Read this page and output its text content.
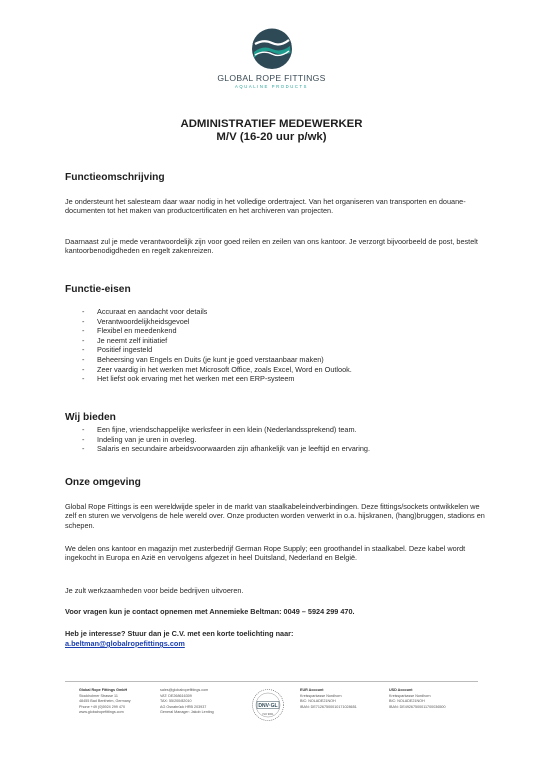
GLOBAL ROPE FITTINGS
AQUALINE PRODUCTS
ADMINISTRATIEF MEDEWERKER
M/V (16-20 uur p/wk)
Functieomschrijving

Je ondersteunt het salesteam daar waar nodig in het volledige ordertraject. Van het organiseren van transporten en douane-documenten tot het maken van productcertificaten en het archiveren van projecten.

Daarnaast zul je mede verantwoordelijk zijn voor goed reilen en zeilen van ons kantoor. Je verzorgt bijvoorbeeld de post, bestelt kantoorbenodigdheden en regelt zakenreizen.

Functie-eisen
- Accuraat en aandacht voor details
- Verantwoordelijkheidsgevoel
- Flexibel en meedenkend
- Je neemt zelf initiatief
- Positief ingesteld
- Beheersing van Engels en Duits (je kunt je goed verstaanbaar maken)
- Zeer vaardig in het werken met Microsoft Office, zoals Excel, Word en Outlook.
- Het liefst ook ervaring met het werken met een ERP-systeem
Wij bieden
- Een fijne, vriendschappelijke werksfeer in een klein (Nederlandssprekend) team.
- Indeling van je uren in overleg.
- Salaris en secundaire arbeidsvoorwaarden zijn afhankelijk van je leeftijd en ervaring.
Onze omgeving

Global Rope Fittings is een wereldwijde speler in de markt van staalkabeleindverbindingen. Deze fittings/sockets ontwikkelen we zelf en sturen we vervolgens de hele wereld over. Onze producten worden verwerkt in o.a. hijskranen, (hang)bruggen, stadions en schepen.

We delen ons kantoor en magazijn met zusterbedrijf German Rope Supply; een groothandel in staalkabel. Deze kabel wordt ingekocht in Europa en Azië en vervolgens afgezet in heel Duitsland, Nederland en België.

Je zult werkzaamheden voor beide bedrijven uitvoeren.

Voor vragen kun je contact opnemen met Annemieke Beltman: 0049 – 5924 299 470.

Heb je interesse? Stuur dan je C.V. met een korte toelichting naar:

a.beltman@globalropefittings.com

Global Rope Fittings GmbH
Stockholmer Strasse 11
48455 Bad Bentheim, Germany
Phone +49 (0)5924 299 470
www.globalropefittings.com
sales@globalropefittings.com
VAT: DE268616309
TAX: 55/200/82010
AG Osnabrück HRB 203937
General Manager: Jakob Lenting
DNV·GL
ISO 9001
EUR Account
Kreissparkasse Nordhorn
BIC: NOLADE21NOH
IBAN: DE71267500010171028651
USD Account
Kreissparkasse Nordhorn
BIC: NOLADE21NOH
IBAN: DE49267500011700036500
